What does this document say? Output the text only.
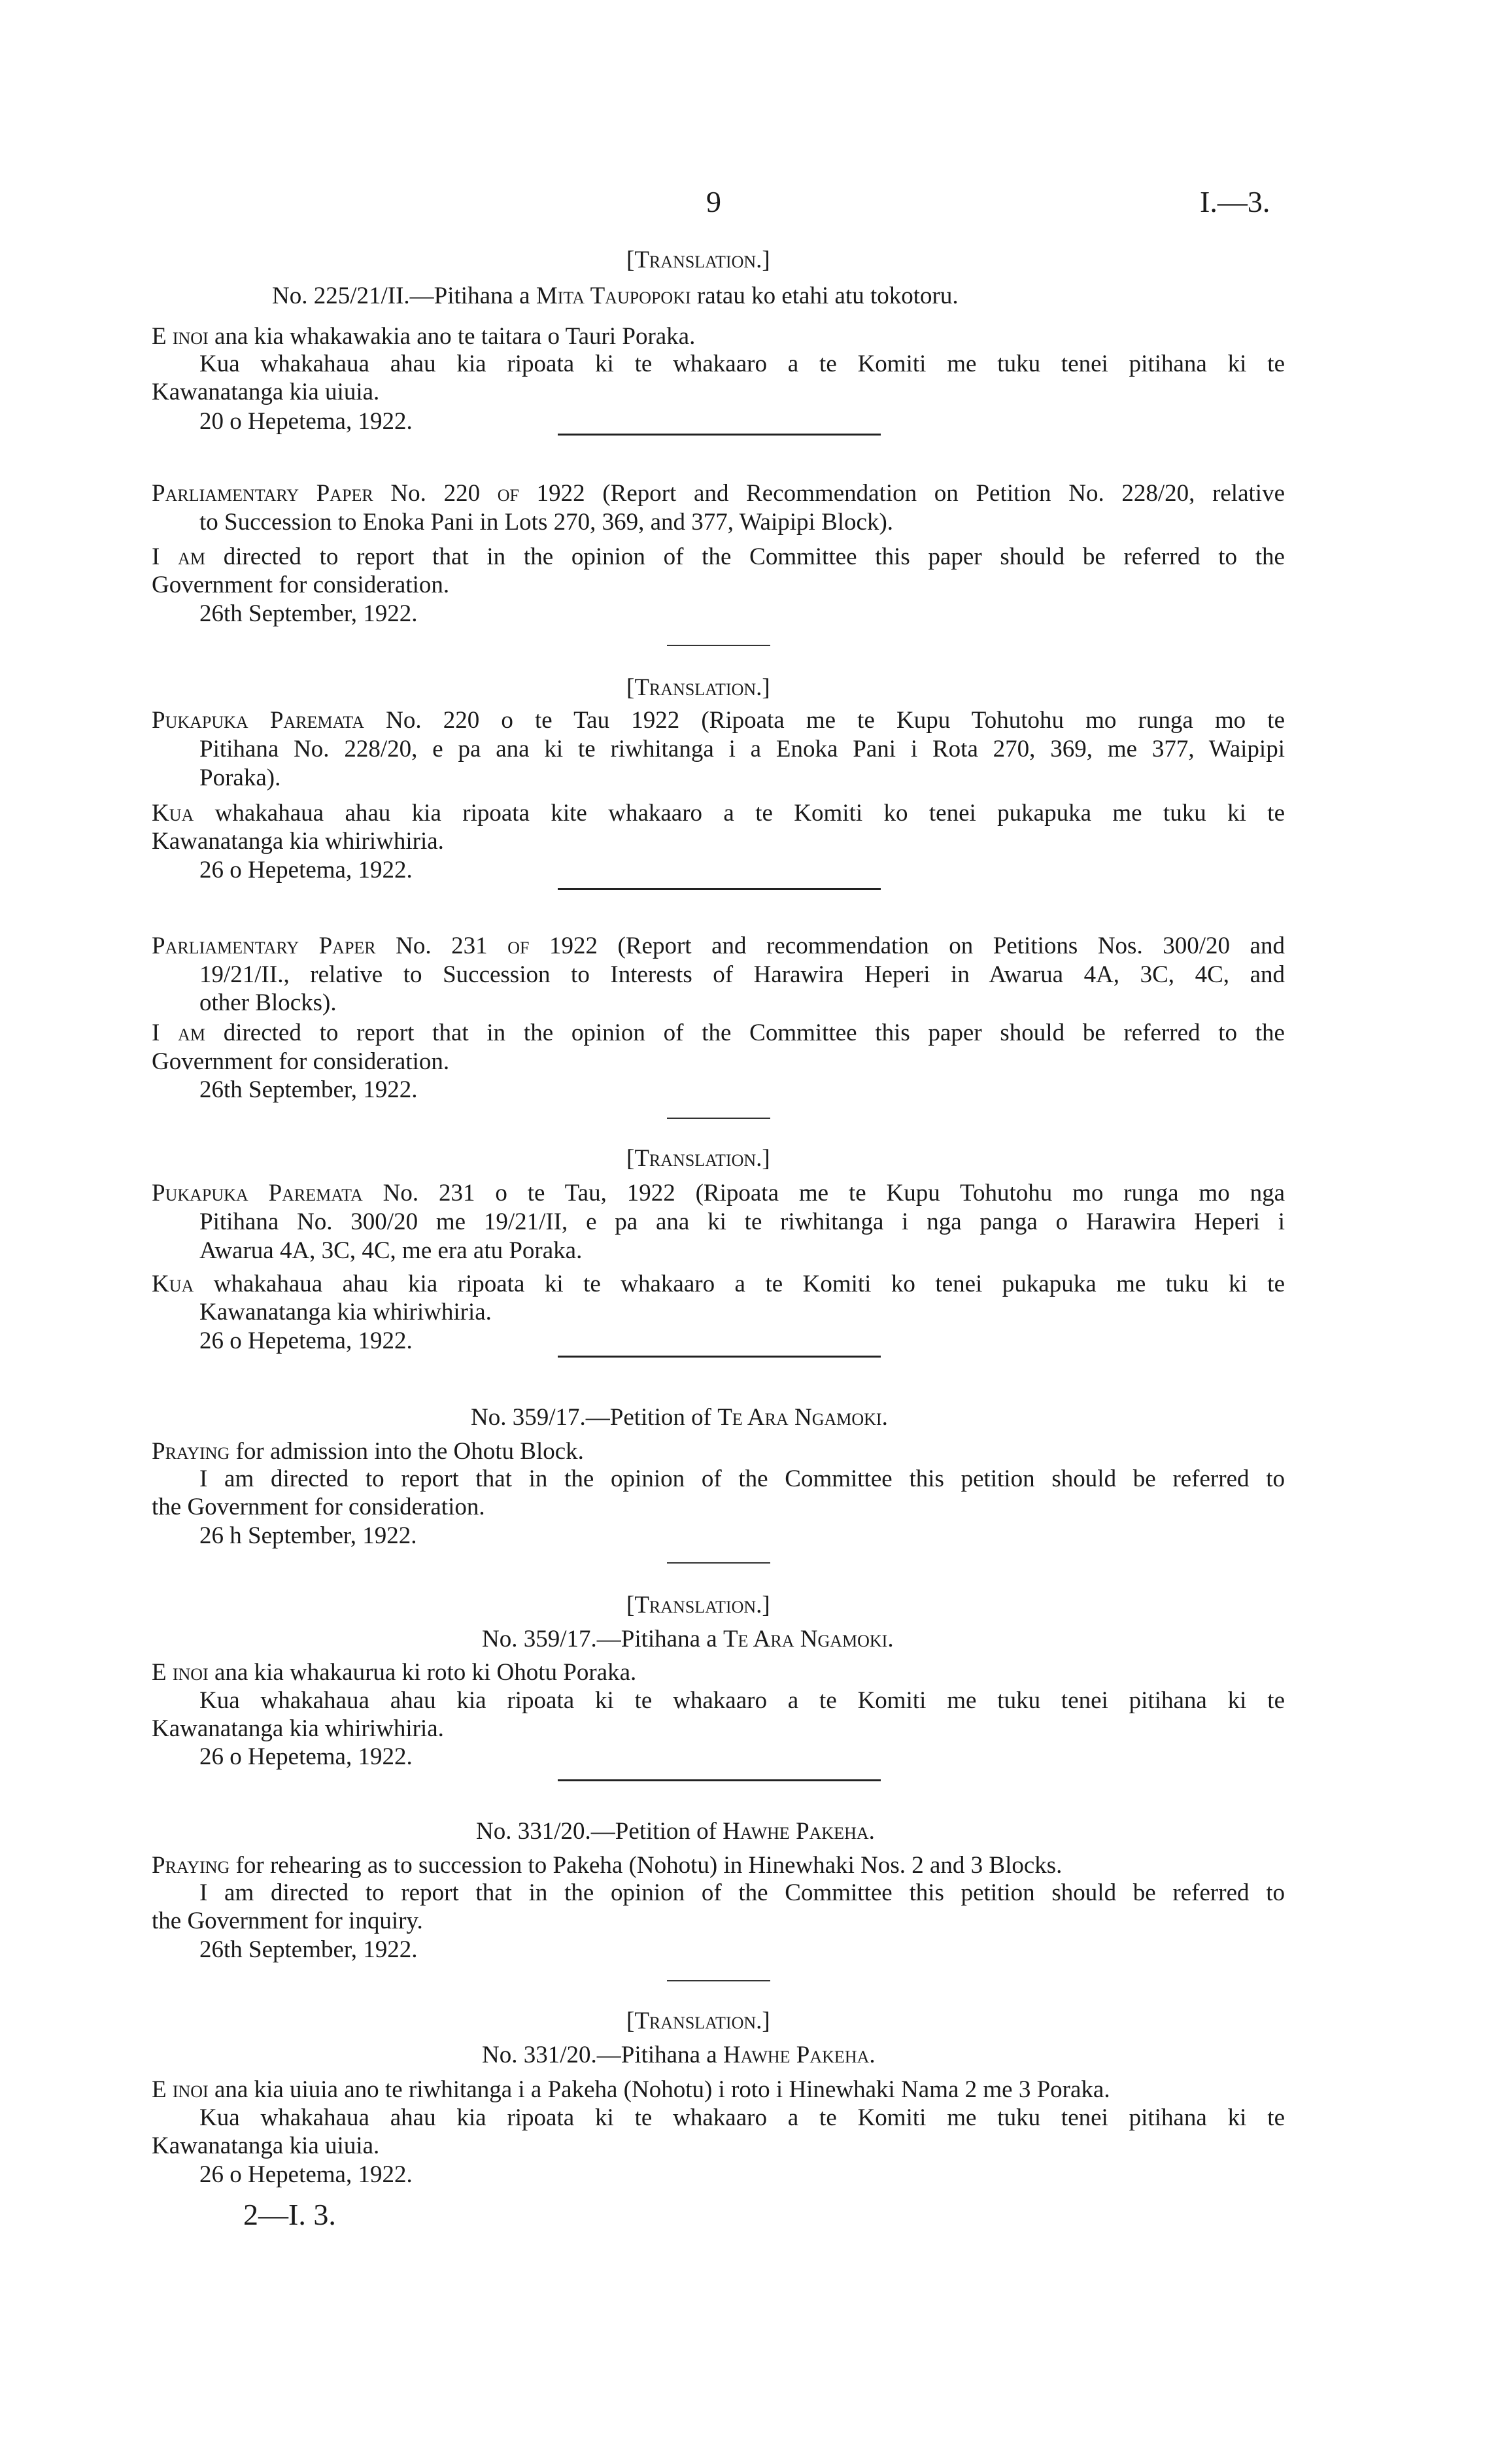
9	I.—3.
[Translation.]
No. 225/21/II.—Pitihana a Mita Taupopoki ratau ko etahi atu tokotoru.
E inoi ana kia whakawakia ano te taitara o Tauri Poraka.
Kua whakahaua ahau kia ripoata ki te whakaaro a te Komiti me tuku tenei pitihana ki te
Kawanatanga kia uiuia.
20 o Hepetema, 1922.
Parliamentary Paper No. 220 of 1922 (Report and Recommendation on Petition No. 228/20, relative
to Succession to Enoka Pani in Lots 270, 369, and 377, Waipipi Block).
I am directed to report that in the opinion of the Committee this paper should be referred to the
Government for consideration.
26th September, 1922.
[Translation.]
Pukapuka Paremata No. 220 o te Tau 1922 (Ripoata me te Kupu Tohutohu mo runga mo te
Pitihana No. 228/20, e pa ana ki te riwhitanga i a Enoka Pani i Rota 270, 369, me 377, Waipipi
Poraka).
Kua whakahaua ahau kia ripoata kite whakaaro a te Komiti ko tenei pukapuka me tuku ki te
Kawanatanga kia whiriwhiria.
26 o Hepetema, 1922.
Parliamentary Paper No. 231 of 1922 (Report and recommendation on Petitions Nos. 300/20 and
19/21/II., relative to Succession to Interests of Harawira Heperi in Awarua 4A, 3C, 4C, and
other Blocks).
I am directed to report that in the opinion of the Committee this paper should be referred to the
Government for consideration.
26th September, 1922.
[Translation.]
Pukapuka Paremata No. 231 o te Tau, 1922 (Ripoata me te Kupu Tohutohu mo runga mo nga
Pitihana No. 300/20 me 19/21/II, e pa ana ki te riwhitanga i nga panga o Harawira Heperi i
Awarua 4A, 3C, 4C, me era atu Poraka.
Kua whakahaua ahau kia ripoata ki te whakaaro a te Komiti ko tenei pukapuka me tuku ki te
Kawanatanga kia whiriwhiria.
26 o Hepetema, 1922.
No. 359/17.—Petition of Te Ara Ngamoki.
Praying for admission into the Ohotu Block.
I am directed to report that in the opinion of the Committee this petition should be referred to
the Government for consideration.
26 h September, 1922.
[Translation.]
No. 359/17.—Pitihana a Te Ara Ngamoki.
E inoi ana kia whakaurua ki roto ki Ohotu Poraka.
Kua whakahaua ahau kia ripoata ki te whakaaro a te Komiti me tuku tenei pitihana ki te
Kawanatanga kia whiriwhiria.
26 o Hepetema, 1922.
No. 331/20.—Petition of Hawhe Pakeha.
Praying for rehearing as to succession to Pakeha (Nohotu) in Hinewhaki Nos. 2 and 3 Blocks.
I am directed to report that in the opinion of the Committee this petition should be referred to
the Government for inquiry.
26th September, 1922.
[Translation.]
No. 331/20.—Pitihana a Hawhe Pakeha.
E inoi ana kia uiuia ano te riwhitanga i a Pakeha (Nohotu) i roto i Hinewhaki Nama 2 me 3 Poraka.
Kua whakahaua ahau kia ripoata ki te whakaaro a te Komiti me tuku tenei pitihana ki te
Kawanatanga kia uiuia.
26 o Hepetema, 1922.
2—I. 3.
